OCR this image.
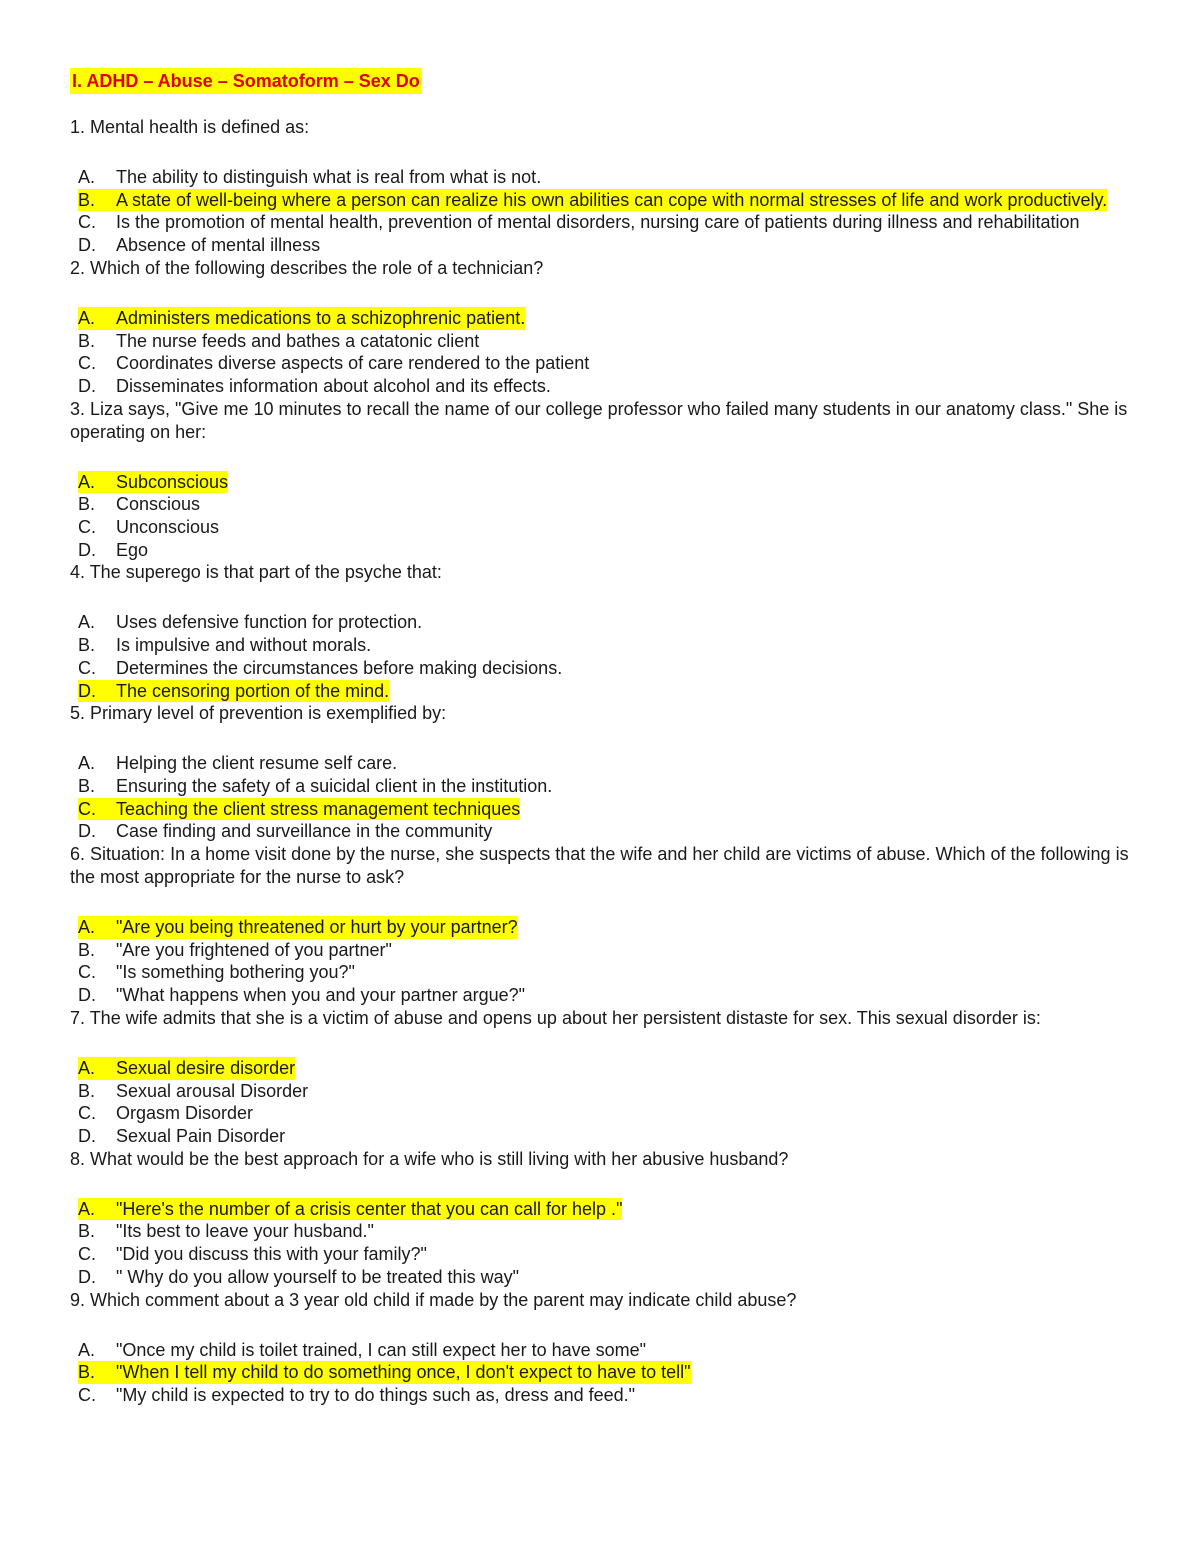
I. ADHD – Abuse – Somatoform – Sex Do
1. Mental health is defined as:
A.	The ability to distinguish what is real from what is not.
B.	A state of well-being where a person can realize his own abilities can cope with normal stresses of life and work productively.
C.	Is the promotion of mental health, prevention of mental disorders, nursing care of patients during illness and rehabilitation
D.	Absence of mental illness
2. Which of the following describes the role of a technician?
A.	Administers medications to a schizophrenic patient.
B.	The nurse feeds and bathes a catatonic client
C.	Coordinates diverse aspects of care rendered to the patient
D.	Disseminates information about alcohol and its effects.
3. Liza says, "Give me 10 minutes to recall the name of our college professor who failed many students in our anatomy class." She is operating on her:
A.	Subconscious
B.	Conscious
C.	Unconscious
D.	Ego
4. The superego is that part of the psyche that:
A.	Uses defensive function for protection.
B.	Is impulsive and without morals.
C.	Determines the circumstances before making decisions.
D.	The censoring portion of the mind.
5. Primary level of prevention is exemplified by:
A.	Helping the client resume self care.
B.	Ensuring the safety of a suicidal client in the institution.
C.	Teaching the client stress management techniques
D.	Case finding and surveillance in the community
6. Situation: In a home visit done by the nurse, she suspects that the wife and her child are victims of abuse. Which of the following is the most appropriate for the nurse to ask?
A.	"Are you being threatened or hurt by your partner?
B.	"Are you frightened of you partner"
C.	"Is something bothering you?"
D.	"What happens when you and your partner argue?"
7. The wife admits that she is a victim of abuse and opens up about her persistent distaste for sex. This sexual disorder is:
A.	Sexual desire disorder
B.	Sexual arousal Disorder
C.	Orgasm Disorder
D.	Sexual Pain Disorder
8. What would be the best approach for a wife who is still living with her abusive husband?
A.	"Here's the number of a crisis center that you can call for help ."
B.	"Its best to leave your husband."
C.	"Did you discuss this with your family?"
D.	" Why do you allow yourself to be treated this way"
9. Which comment about a 3 year old child if made by the parent may indicate child abuse?
A.	"Once my child is toilet trained, I can still expect her to have some"
B.	"When I tell my child to do something once, I don't expect to have to tell"
C.	"My child is expected to try to do things such as, dress and feed."
